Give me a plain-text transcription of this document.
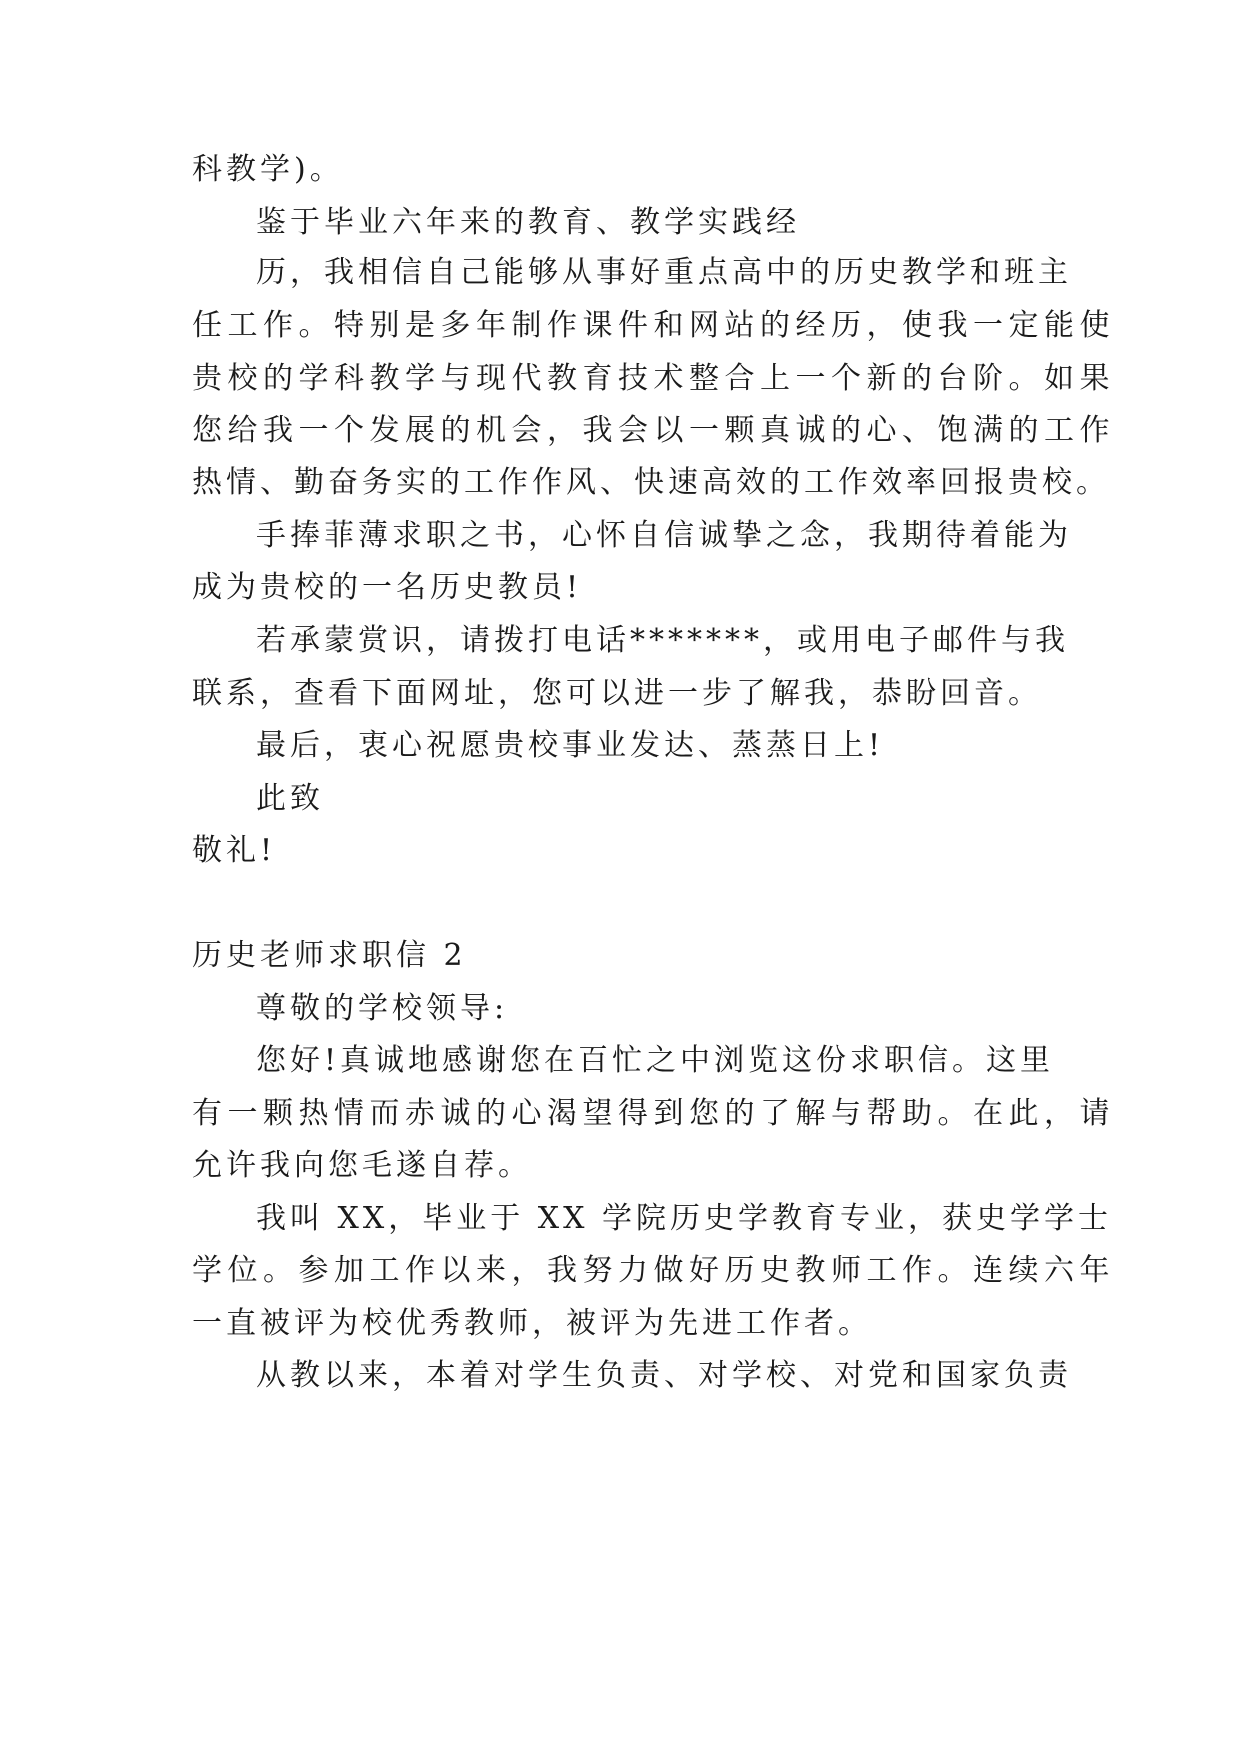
科教学)。
鉴于毕业六年来的教育、教学实践经
历，我相信自己能够从事好重点高中的历史教学和班主
任工作。特别是多年制作课件和网站的经历，使我一定能使
贵校的学科教学与现代教育技术整合上一个新的台阶。如果
您给我一个发展的机会，我会以一颗真诚的心、饱满的工作
热情、勤奋务实的工作作风、快速高效的工作效率回报贵校。
手捧菲薄求职之书，心怀自信诚挚之念，我期待着能为
成为贵校的一名历史教员!
若承蒙赏识，请拨打电话*******，或用电子邮件与我
联系，查看下面网址，您可以进一步了解我，恭盼回音。
最后，衷心祝愿贵校事业发达、蒸蒸日上!
此致
敬礼!
历史老师求职信 2
尊敬的学校领导:
您好!真诚地感谢您在百忙之中浏览这份求职信。这里
有一颗热情而赤诚的心渴望得到您的了解与帮助。在此，请
允许我向您毛遂自荐。
我叫 XX，毕业于 XX 学院历史学教育专业，获史学学士
学位。参加工作以来，我努力做好历史教师工作。连续六年
一直被评为校优秀教师，被评为先进工作者。
从教以来，本着对学生负责、对学校、对党和国家负责
